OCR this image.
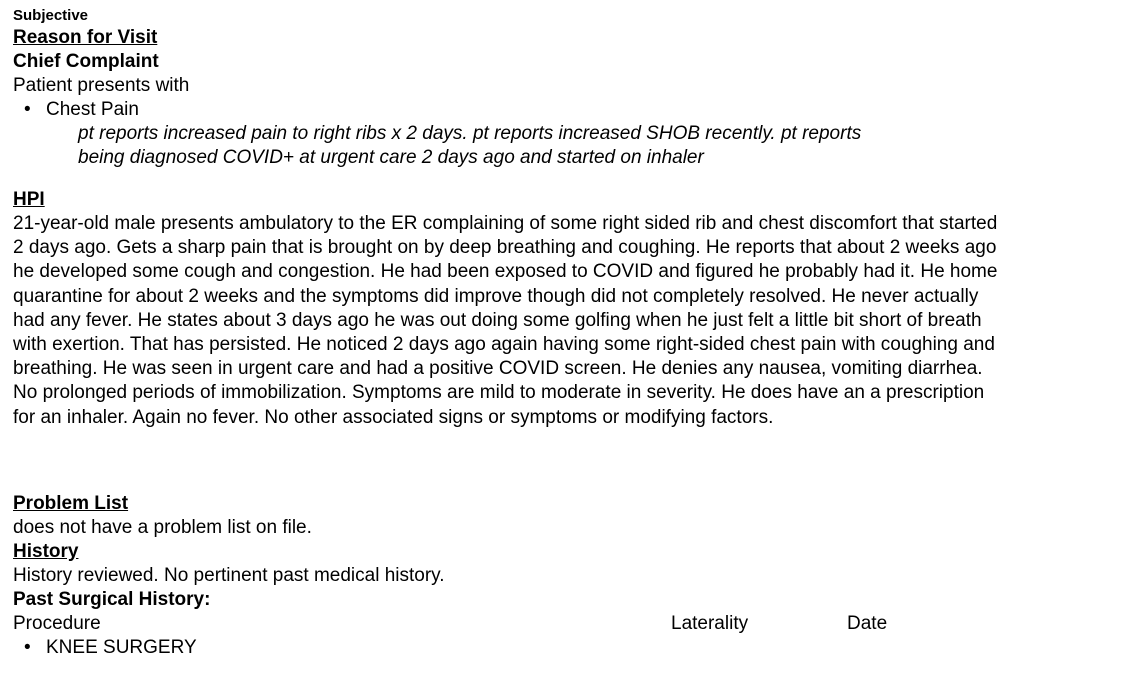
Subjective
Reason for Visit
Chief Complaint
Patient presents with
• Chest Pain
pt reports increased pain to right ribs x 2 days. pt reports increased SHOB recently. pt reports
being diagnosed COVID+ at urgent care 2 days ago and started on inhaler
HPI
21-year-old male presents ambulatory to the ER complaining of some right sided rib and chest discomfort that started
2 days ago. Gets a sharp pain that is brought on by deep breathing and coughing. He reports that about 2 weeks ago
he developed some cough and congestion. He had been exposed to COVID and figured he probably had it. He home
quarantine for about 2 weeks and the symptoms did improve though did not completely resolved. He never actually
had any fever. He states about 3 days ago he was out doing some golfing when he just felt a little bit short of breath
with exertion. That has persisted. He noticed 2 days ago again having some right-sided chest pain with coughing and
breathing. He was seen in urgent care and had a positive COVID screen. He denies any nausea, vomiting diarrhea.
No prolonged periods of immobilization. Symptoms are mild to moderate in severity. He does have an a prescription
for an inhaler. Again no fever. No other associated signs or symptoms or modifying factors.
Problem List
does not have a problem list on file.
History
History reviewed. No pertinent past medical history.
Past Surgical History:
Procedure	Laterality	Date
• KNEE SURGERY
